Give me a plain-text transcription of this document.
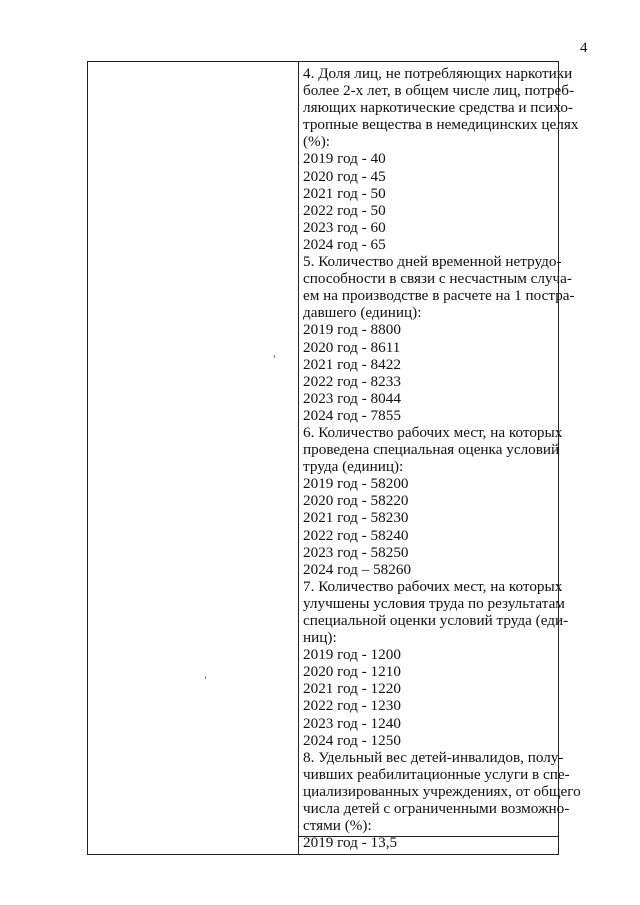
4
4. Доля лиц, не потребляющих наркотики
более 2-х лет, в общем числе лиц, потреб-
ляющих наркотические средства и психо-
тропные вещества в немедицинских целях
(%):
2019 год - 40
2020 год - 45
2021 год - 50
2022 год - 50
2023 год - 60
2024 год - 65
5. Количество дней временной нетрудо-
способности в связи с несчастным случа-
ем на производстве в расчете на 1 постра-
давшего (единиц):
2019 год - 8800
2020 год - 8611
2021 год - 8422
2022 год - 8233
2023 год - 8044
2024 год - 7855
6. Количество рабочих мест, на которых
проведена специальная оценка условий
труда (единиц):
2019 год - 58200
2020 год - 58220
2021 год - 58230
2022 год - 58240
2023 год - 58250
2024 год – 58260
7. Количество рабочих мест, на которых
улучшены условия труда по результатам
специальной оценки условий труда (еди-
ниц):
2019 год - 1200
2020 год - 1210
2021 год - 1220
2022 год - 1230
2023 год - 1240
2024 год - 1250
8. Удельный вес детей-инвалидов, полу-
чивших реабилитационные услуги в спе-
циализированных учреждениях, от общего
числа детей с ограниченными возможно-
стями (%):
2019 год - 13,5
